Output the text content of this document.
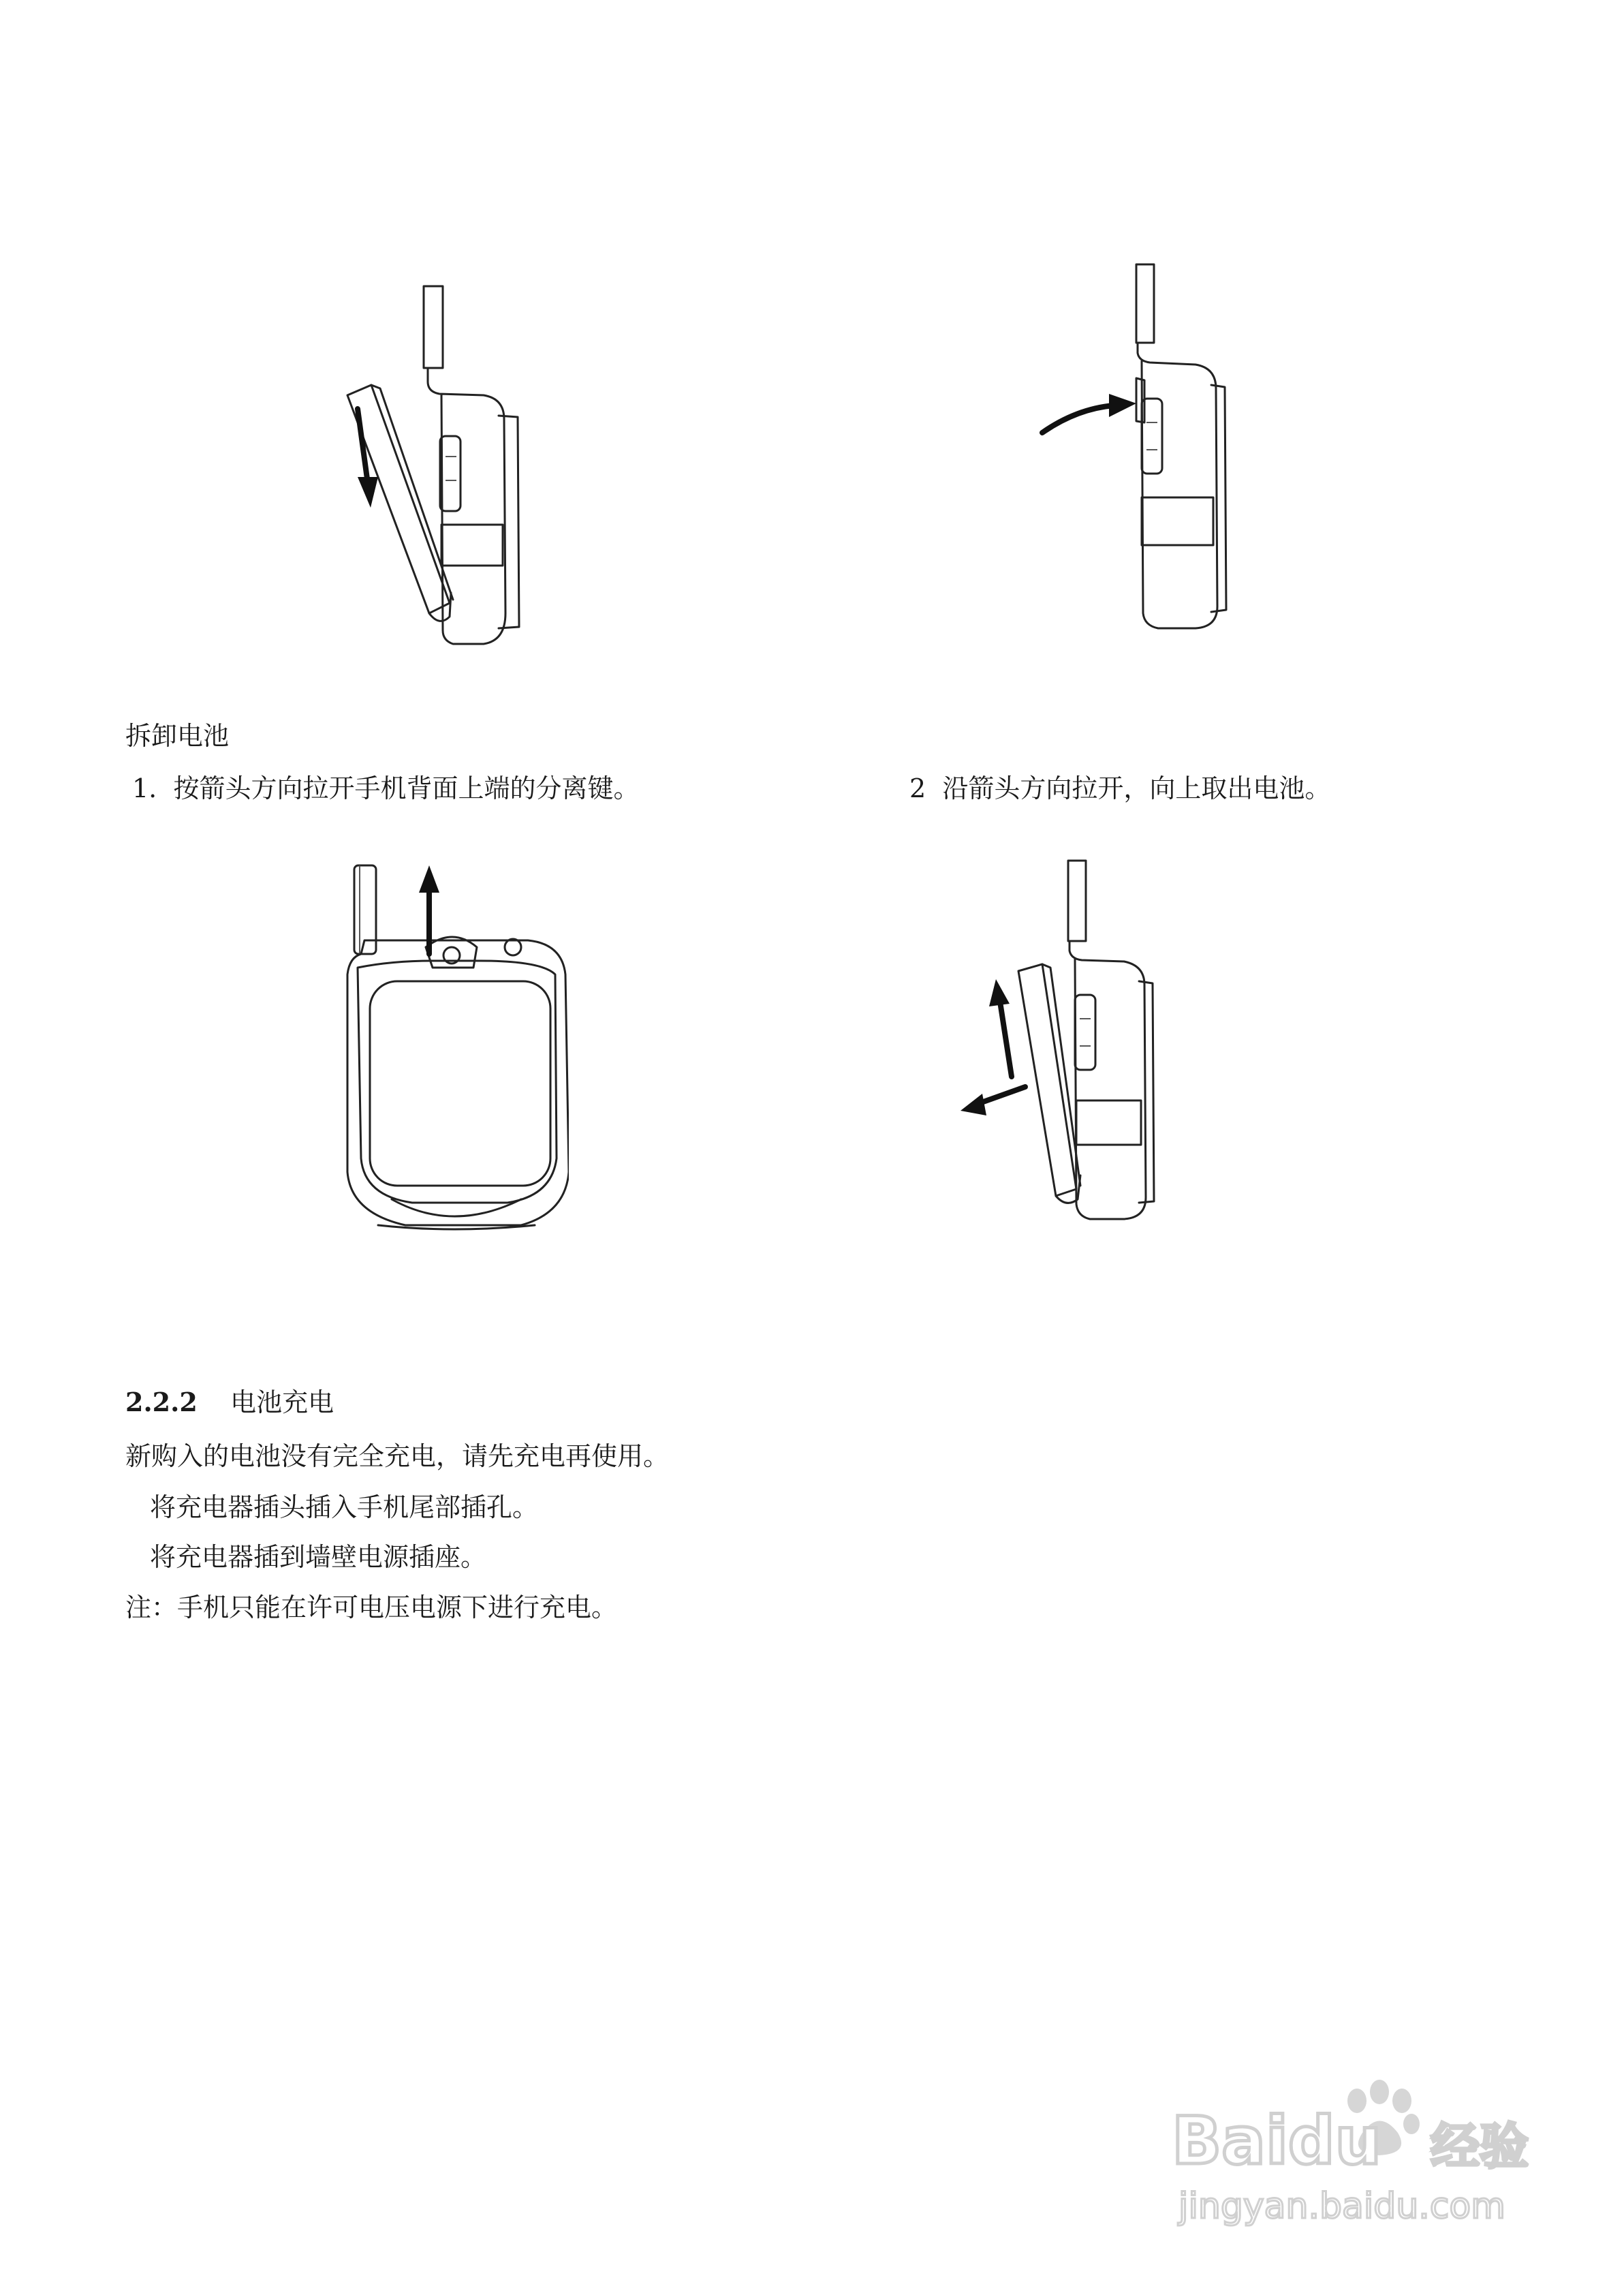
拆卸电池
1. 按箭头方向拉开手机背面上端的分离键。	2 沿箭头方向拉开，向上取出电池。
2.2.2 电池充电
新购入的电池没有完全充电，请先充电再使用。
将充电器插头插入手机尾部插孔。
将充电器插到墙壁电源插座。
注：手机只能在许可电压电源下进行充电。
Baidu 经验
jingyan.baidu.com
